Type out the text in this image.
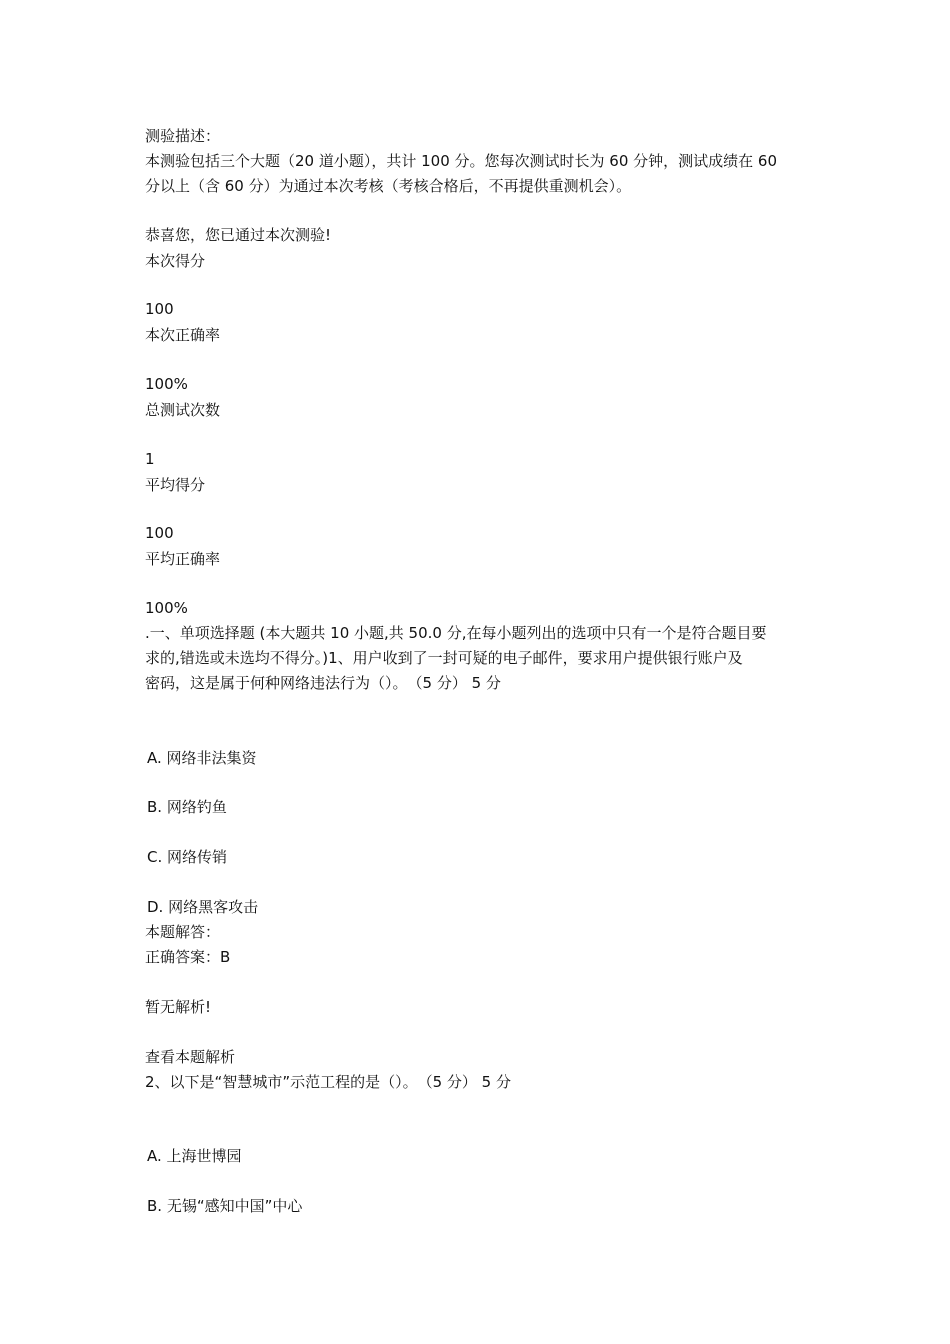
测验描述：
本测验包括三个大题（20 道小题），共计 100 分。您每次测试时长为 60 分钟，测试成绩在 60
分以上（含 60 分）为通过本次考核（考核合格后，不再提供重测机会）。
恭喜您，您已通过本次测验!
本次得分
100
本次正确率
100%
总测试次数
1
平均得分
100
平均正确率
100%
.一、单项选择题 (本大题共 10 小题,共 50.0 分,在每小题列出的选项中只有一个是符合题目要
求的,错选或未选均不得分。)1、用户收到了一封可疑的电子邮件，要求用户提供银行账户及
密码，这是属于何种网络违法行为（）。　（5 分） 5 分
A. 网络非法集资
B. 网络钓鱼
C. 网络传销
D. 网络黑客攻击
本题解答：
正确答案：B
暂无解析!
查看本题解析
2、以下是“智慧城市”示范工程的是（）。　（5 分） 5 分
A. 上海世博园
B. 无锡“感知中国”中心
